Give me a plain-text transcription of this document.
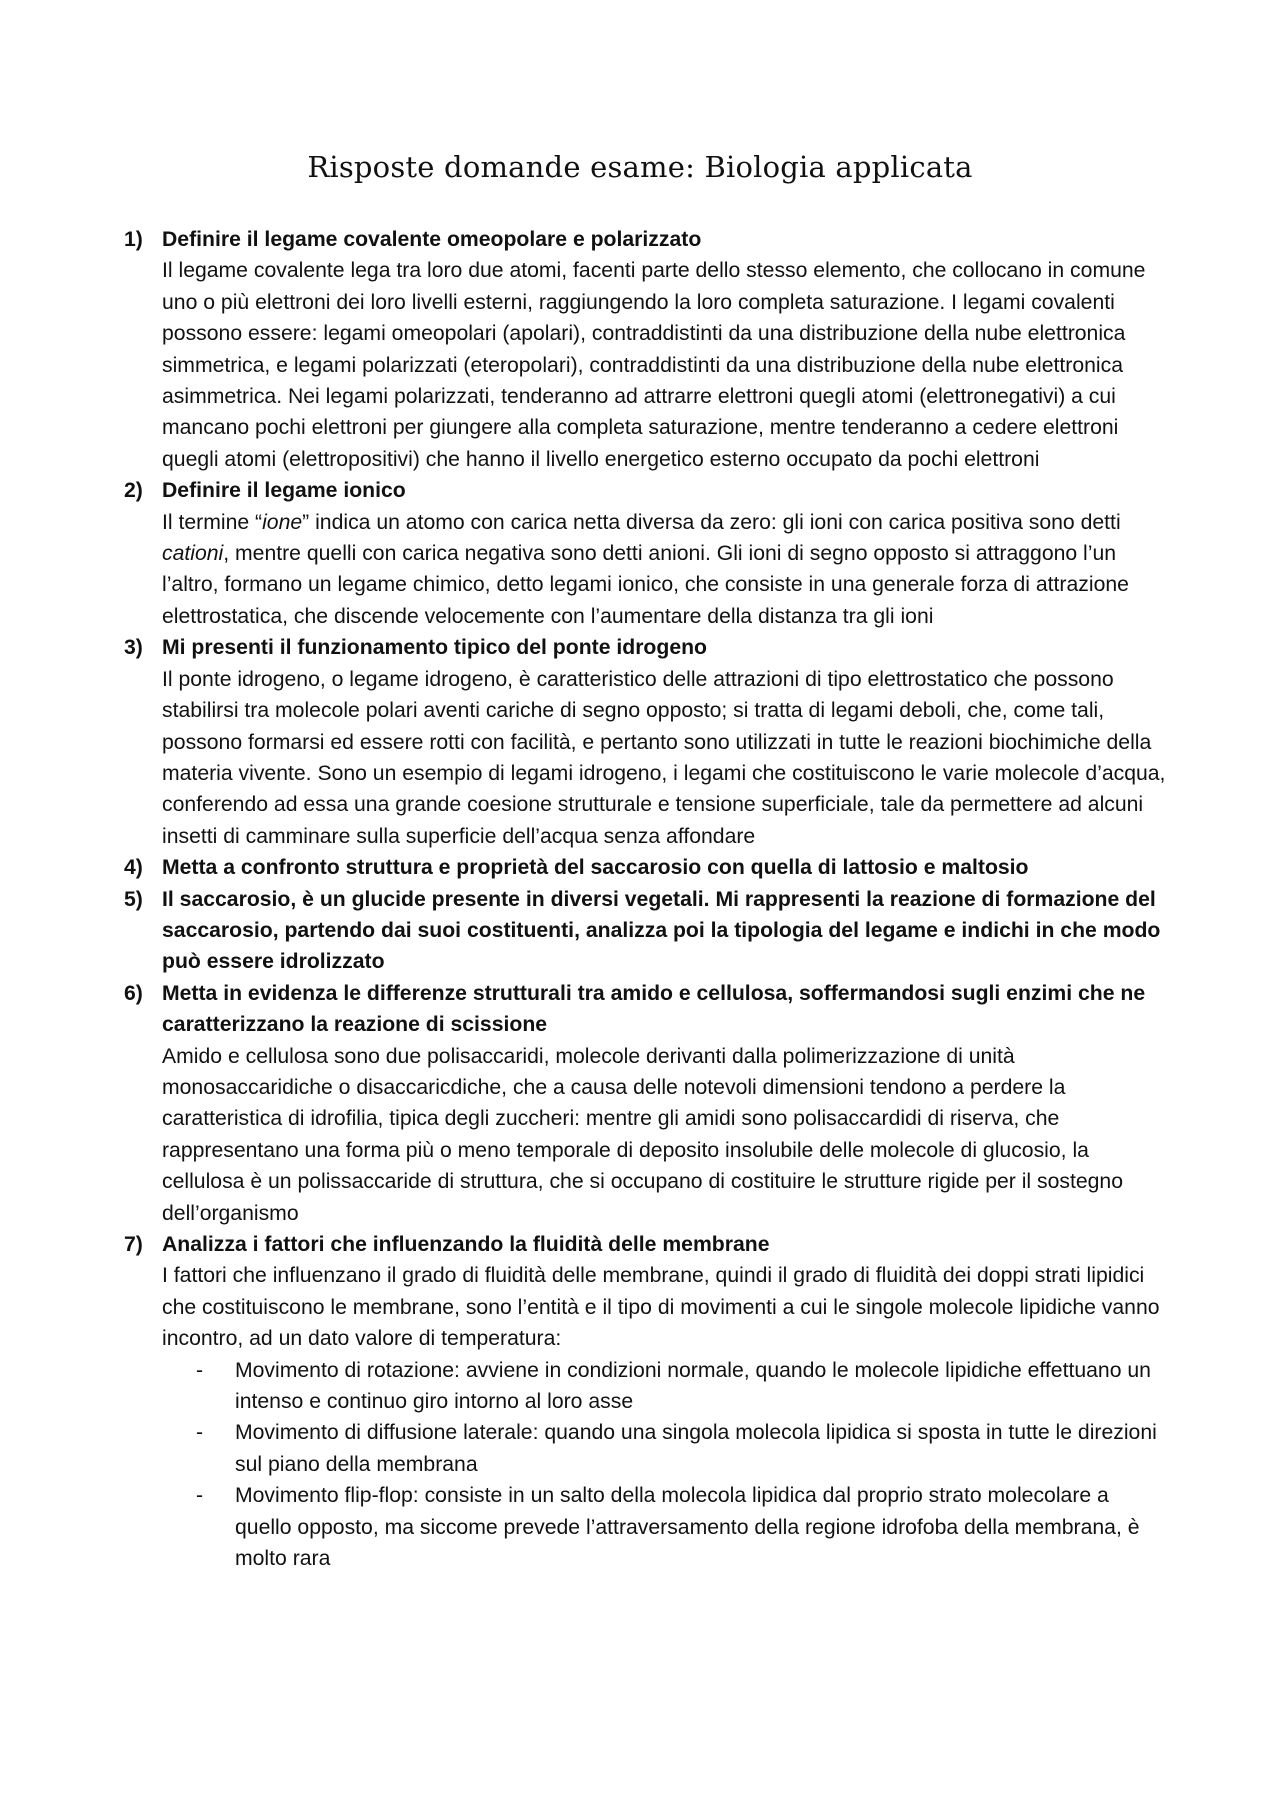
Risposte domande esame: Biologia applicata
1) Definire il legame covalente omeopolare e polarizzato

Il legame covalente lega tra loro due atomi, facenti parte dello stesso elemento, che collocano in comune uno o più elettroni dei loro livelli esterni, raggiungendo la loro completa saturazione. I legami covalenti possono essere: legami omeopolari (apolari), contraddistinti da una distribuzione della nube elettronica simmetrica, e legami polarizzati (eteropolari), contraddistinti da una distribuzione della nube elettronica asimmetrica. Nei legami polarizzati, tenderanno ad attrarre elettroni quegli atomi (elettronegativi) a cui mancano pochi elettroni per giungere alla completa saturazione, mentre tenderanno a cedere elettroni quegli atomi (elettropositivi) che hanno il livello energetico esterno occupato da pochi elettroni

2) Definire il legame ionico

Il termine “ione” indica un atomo con carica netta diversa da zero: gli ioni con carica positiva sono detti cationi, mentre quelli con carica negativa sono detti anioni. Gli ioni di segno opposto si attraggono l’un l’altro, formano un legame chimico, detto legami ionico, che consiste in una generale forza di attrazione elettrostatica, che discende velocemente con l’aumentare della distanza tra gli ioni

3) Mi presenti il funzionamento tipico del ponte idrogeno

Il ponte idrogeno, o legame idrogeno, è caratteristico delle attrazioni di tipo elettrostatico che possono stabilirsi tra molecole polari aventi cariche di segno opposto; si tratta di legami deboli, che, come tali, possono formarsi ed essere rotti con facilità, e pertanto sono utilizzati in tutte le reazioni biochimiche della materia vivente. Sono un esempio di legami idrogeno, i legami che costituiscono le varie molecole d’acqua, conferendo ad essa una grande coesione strutturale e tensione superficiale, tale da permettere ad alcuni insetti di camminare sulla superficie dell’acqua senza affondare

4) Metta a confronto struttura e proprietà del saccarosio con quella di lattosio e maltosio
5) Il saccarosio, è un glucide presente in diversi vegetali. Mi rappresenti la reazione di formazione del saccarosio, partendo dai suoi costituenti, analizza poi la tipologia del legame e indichi in che modo può essere idrolizzato
6) Metta in evidenza le differenze strutturali tra amido e cellulosa, soffermandosi sugli enzimi che ne caratterizzano la reazione di scissione

Amido e cellulosa sono due polisaccaridi, molecole derivanti dalla polimerizzazione di unità monosaccaridiche o disaccaricdiche, che a causa delle notevoli dimensioni tendono a perdere la caratteristica di idrofilia, tipica degli zuccheri: mentre gli amidi sono polisaccardidi di riserva, che rappresentano una forma più o meno temporale di deposito insolubile delle molecole di glucosio, la cellulosa è un polissaccaride di struttura, che si occupano di costituire le strutture rigide per il sostegno dell’organismo

7) Analizza i fattori che influenzando la fluidità delle membrane

I fattori che influenzano il grado di fluidità delle membrane, quindi il grado di fluidità dei doppi strati lipidici che costituiscono le membrane, sono l’entità e il tipo di movimenti a cui le singole molecole lipidiche vanno incontro, ad un dato valore di temperatura:

- Movimento di rotazione: avviene in condizioni normale, quando le molecole lipidiche effettuano un intenso e continuo giro intorno al loro asse
- Movimento di diffusione laterale: quando una singola molecola lipidica si sposta in tutte le direzioni sul piano della membrana
- Movimento flip-flop: consiste in un salto della molecola lipidica dal proprio strato molecolare a quello opposto, ma siccome prevede l’attraversamento della regione idrofoba della membrana, è molto rara
